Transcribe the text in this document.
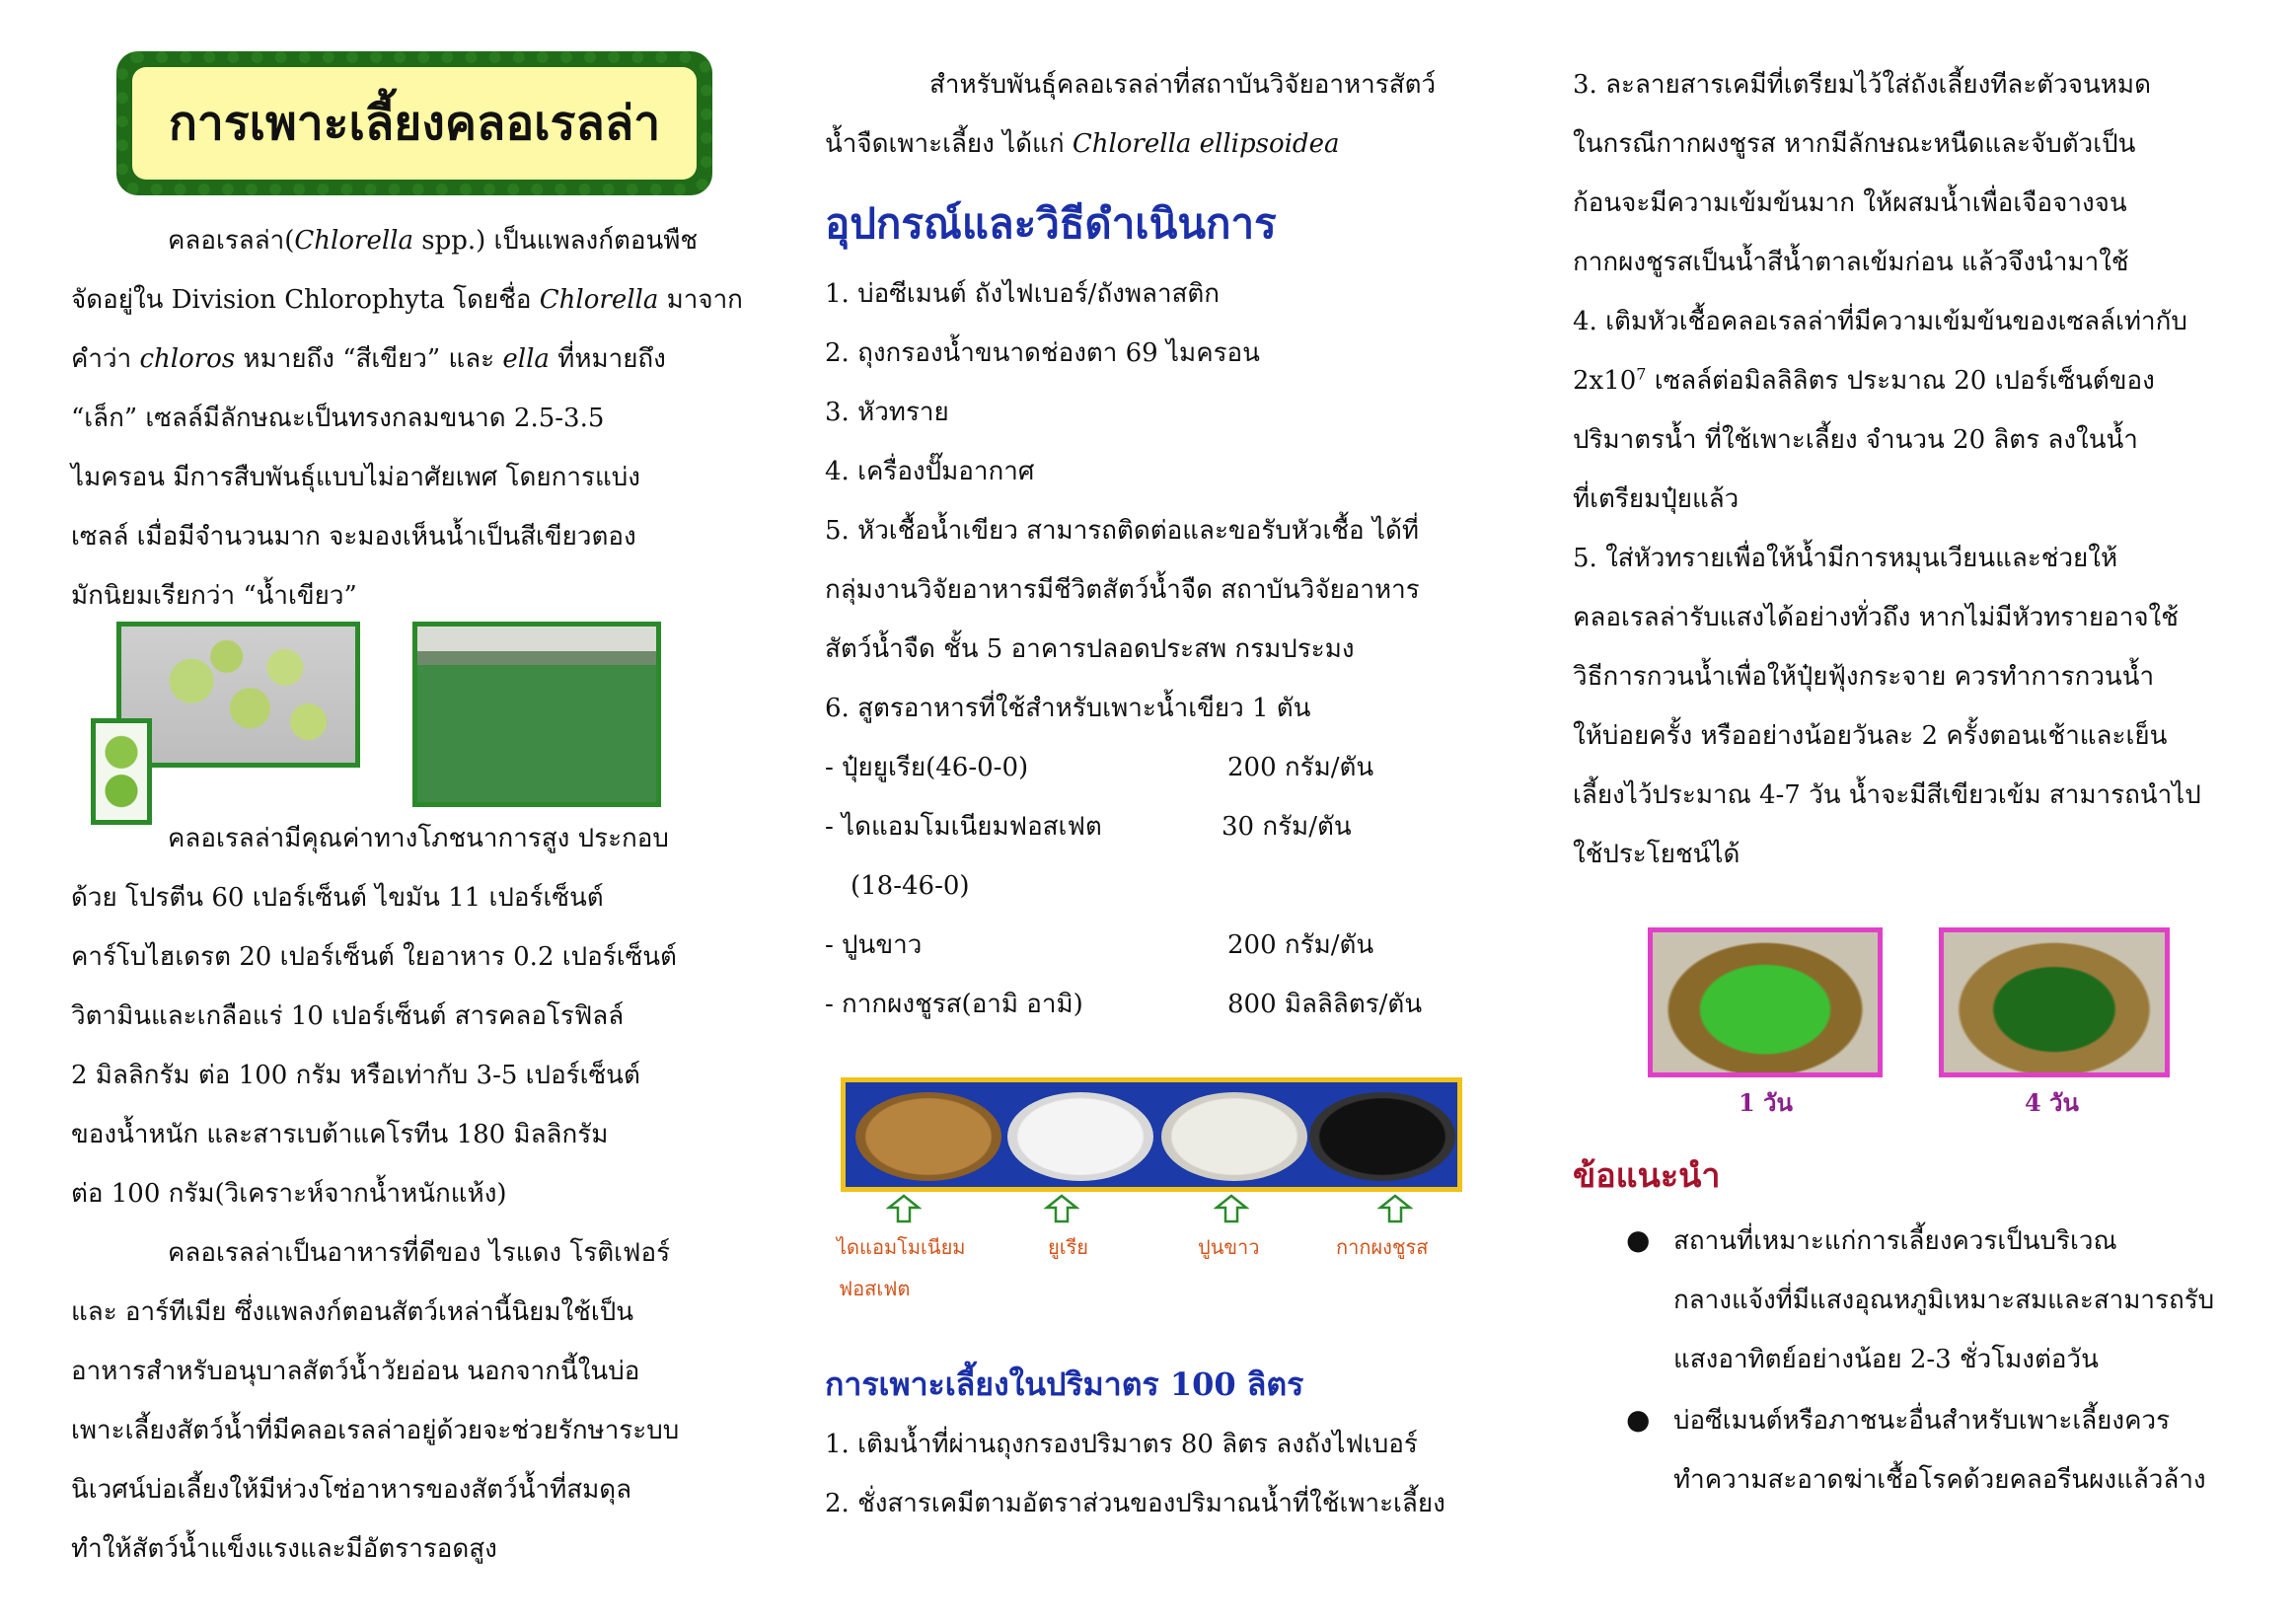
การเพาะเลี้ยงคลอเรลล่า

คลอเรลล่า(Chlorella spp.) เป็นแพลงก์ตอนพืช

จัดอยู่ใน Division Chlorophyta โดยชื่อ Chlorella มาจาก

คำว่า chloros หมายถึง “สีเขียว” และ ella ที่หมายถึง

“เล็ก” เซลล์มีลักษณะเป็นทรงกลมขนาด 2.5-3.5

ไมครอน มีการสืบพันธุ์แบบไม่อาศัยเพศ โดยการแบ่ง

เซลล์ เมื่อมีจำนวนมาก จะมองเห็นน้ำเป็นสีเขียวตอง

มักนิยมเรียกว่า “น้ำเขียว”

คลอเรลล่ามีคุณค่าทางโภชนาการสูง ประกอบ

ด้วย โปรตีน 60 เปอร์เซ็นต์ ไขมัน 11 เปอร์เซ็นต์

คาร์โบไฮเดรต 20 เปอร์เซ็นต์ ใยอาหาร 0.2 เปอร์เซ็นต์

วิตามินและเกลือแร่ 10 เปอร์เซ็นต์ สารคลอโรฟิลล์

2 มิลลิกรัม ต่อ 100 กรัม หรือเท่ากับ 3-5 เปอร์เซ็นต์

ของน้ำหนัก และสารเบต้าแคโรทีน 180 มิลลิกรัม

ต่อ 100 กรัม(วิเคราะห์จากน้ำหนักแห้ง)

คลอเรลล่าเป็นอาหารที่ดีของ ไรแดง โรติเฟอร์

และ อาร์ทีเมีย ซึ่งแพลงก์ตอนสัตว์เหล่านี้นิยมใช้เป็น

อาหารสำหรับอนุบาลสัตว์น้ำวัยอ่อน นอกจากนี้ในบ่อ

เพาะเลี้ยงสัตว์น้ำที่มีคลอเรลล่าอยู่ด้วยจะช่วยรักษาระบบ

นิเวศน์บ่อเลี้ยงให้มีห่วงโซ่อาหารของสัตว์น้ำที่สมดุล

ทำให้สัตว์น้ำแข็งแรงและมีอัตรารอดสูง

สำหรับพันธุ์คลอเรลล่าที่สถาบันวิจัยอาหารสัตว์

น้ำจืดเพาะเลี้ยง ได้แก่ Chlorella ellipsoidea

อุปกรณ์และวิธีดำเนินการ

1. บ่อซีเมนต์ ถังไฟเบอร์/ถังพลาสติก

2. ถุงกรองน้ำขนาดช่องตา 69 ไมครอน

3. หัวทราย

4. เครื่องปั๊มอากาศ

5. หัวเชื้อน้ำเขียว สามารถติดต่อและขอรับหัวเชื้อ ได้ที่

กลุ่มงานวิจัยอาหารมีชีวิตสัตว์น้ำจืด สถาบันวิจัยอาหาร

สัตว์น้ำจืด ชั้น 5 อาคารปลอดประสพ กรมประมง

6. สูตรอาหารที่ใช้สำหรับเพาะน้ำเขียว 1 ตัน

- ปุ๋ยยูเรีย(46-0-0)	200 กรัม/ตัน

- ไดแอมโมเนียมฟอสเฟต	30 กรัม/ตัน

(18-46-0)

- ปูนขาว	200 กรัม/ตัน

- กากผงชูรส(อามิ อามิ)	800 มิลลิลิตร/ตัน

ไดแอมโมเนียม
ฟอสเฟต
ยูเรีย	ปูนขาว	กากผงชูรส
การเพาะเลี้ยงในปริมาตร 100 ลิตร

1. เติมน้ำที่ผ่านถุงกรองปริมาตร 80 ลิตร ลงถังไฟเบอร์

2. ชั่งสารเคมีตามอัตราส่วนของปริมาณน้ำที่ใช้เพาะเลี้ยง

3. ละลายสารเคมีที่เตรียมไว้ใส่ถังเลี้ยงทีละตัวจนหมด

ในกรณีกากผงชูรส หากมีลักษณะหนืดและจับตัวเป็น

ก้อนจะมีความเข้มข้นมาก ให้ผสมน้ำเพื่อเจือจางจน

กากผงชูรสเป็นน้ำสีน้ำตาลเข้มก่อน แล้วจึงนำมาใช้

4. เติมหัวเชื้อคลอเรลล่าที่มีความเข้มข้นของเซลล์เท่ากับ

$2x10^7$ เซลล์ต่อมิลลิลิตร ประมาณ 20 เปอร์เซ็นต์ของ

ปริมาตรน้ำ ที่ใช้เพาะเลี้ยง จำนวน 20 ลิตร ลงในน้ำ

ที่เตรียมปุ๋ยแล้ว

5. ใส่หัวทรายเพื่อให้น้ำมีการหมุนเวียนและช่วยให้

คลอเรลล่ารับแสงได้อย่างทั่วถึง หากไม่มีหัวทรายอาจใช้

วิธีการกวนน้ำเพื่อให้ปุ๋ยฟุ้งกระจาย ควรทำการกวนน้ำ

ให้บ่อยครั้ง หรืออย่างน้อยวันละ 2 ครั้งตอนเช้าและเย็น

เลี้ยงไว้ประมาณ 4-7 วัน น้ำจะมีสีเขียวเข้ม สามารถนำไป

ใช้ประโยชน์ได้

1 วัน	4 วัน
ข้อแนะนำ
● สถานที่เหมาะแก่การเลี้ยงควรเป็นบริเวณ

กลางแจ้งที่มีแสงอุณหภูมิเหมาะสมและสามารถรับ

แสงอาทิตย์อย่างน้อย 2-3 ชั่วโมงต่อวัน

● บ่อซีเมนต์หรือภาชนะอื่นสำหรับเพาะเลี้ยงควร

ทำความสะอาดฆ่าเชื้อโรคด้วยคลอรีนผงแล้วล้าง
